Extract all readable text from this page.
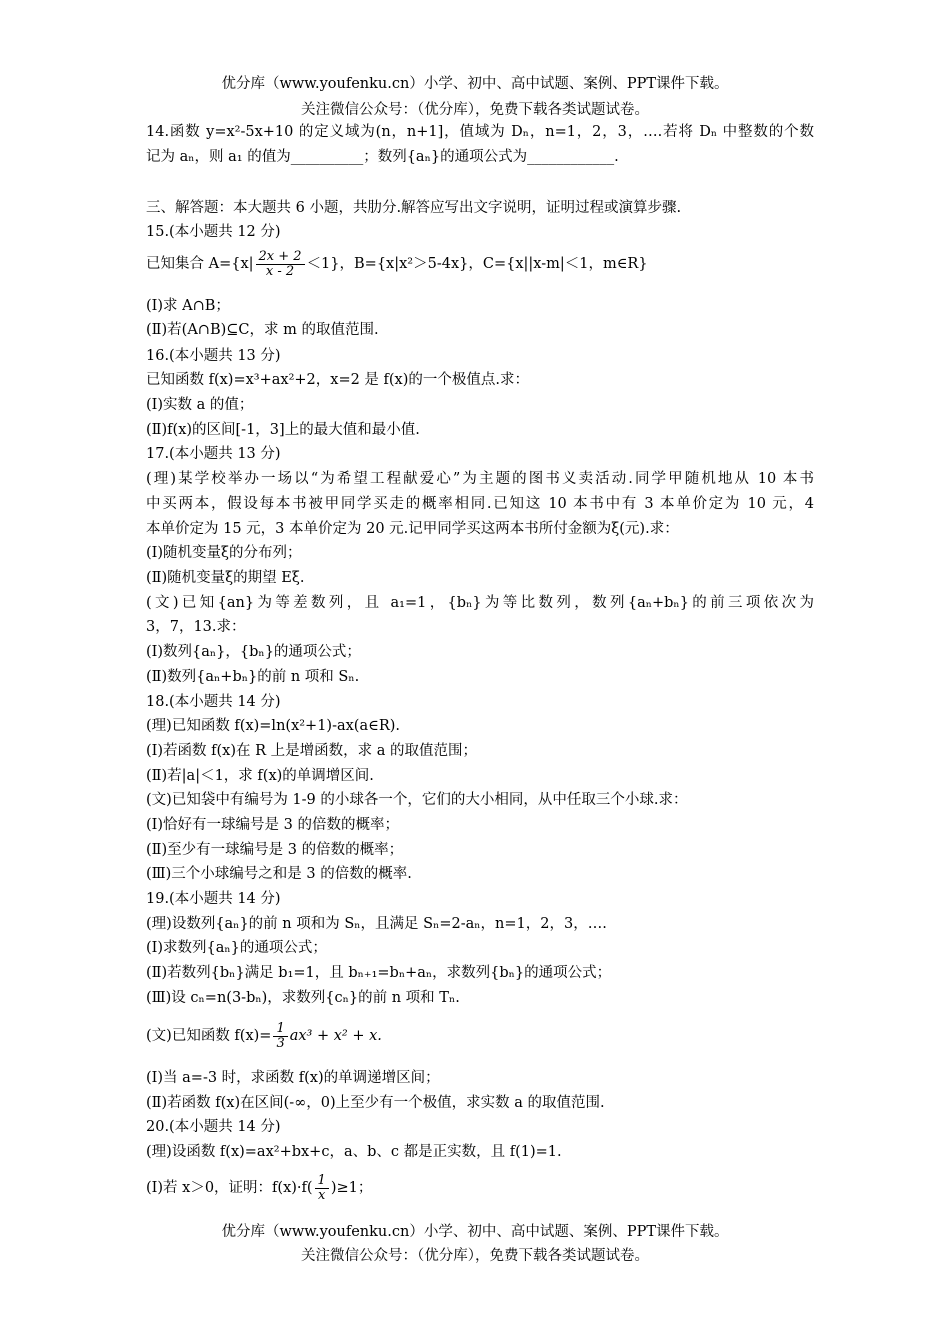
优分库（www.youfenku.cn）小学、初中、高中试题、案例、PPT课件下载。
关注微信公众号：（优分库），免费下载各类试题试卷。
14.函数 y=x²-5x+10 的定义域为(n，n+1]，值域为 Dₙ，n=1，2，3，….若将 Dₙ 中整数的个数
记为 aₙ，则 a₁ 的值为__________；数列{aₙ}的通项公式为____________.
三、解答题：本大题共 6 小题，共肋分.解答应写出文字说明，证明过程或演算步骤.
15.(本小题共 12 分)
已知集合 $A=\{x| \frac{2x + 2}{x - 2} <1\}$，B={x|x²＞5-4x}，C={x||x-m|＜1，m∈R}
(Ⅰ)求 A∩B；
(Ⅱ)若(A∩B)⊆C，求 m 的取值范围.
16.(本小题共 13 分)
已知函数 f(x)=x³+ax²+2，x=2 是 f(x)的一个极值点.求：
(Ⅰ)实数 a 的值；
(Ⅱ)f(x)的区间[-1，3]上的最大值和最小值.
17.(本小题共 13 分)
(理)某学校举办一场以“为希望工程献爱心”为主题的图书义卖活动.同学甲随机地从 10 本书
中买两本，假设每本书被甲同学买走的概率相同.已知这 10 本书中有 3 本单价定为 10 元，4
本单价定为 15 元，3 本单价定为 20 元.记甲同学买这两本书所付金额为ξ(元).求：
(Ⅰ)随机变量ξ的分布列；
(Ⅱ)随机变量ξ的期望 Eξ.
(文)已知{an}为等差数列，且 a₁=1，{bₙ}为等比数列，数列{aₙ+bₙ}的前三项依次为
3，7，13.求：
(Ⅰ)数列{aₙ}，{bₙ}的通项公式；
(Ⅱ)数列{aₙ+bₙ}的前 n 项和 Sₙ.
18.(本小题共 14 分)
(理)已知函数 f(x)=ln(x²+1)-ax(a∈R).
(Ⅰ)若函数 f(x)在 R 上是增函数，求 a 的取值范围；
(Ⅱ)若|a|＜1，求 f(x)的单调增区间.
(文)已知袋中有编号为 1-9 的小球各一个，它们的大小相同，从中任取三个小球.求：
(Ⅰ)恰好有一球编号是 3 的倍数的概率；
(Ⅱ)至少有一球编号是 3 的倍数的概率；
(Ⅲ)三个小球编号之和是 3 的倍数的概率.
19.(本小题共 14 分)
(理)设数列{aₙ}的前 n 项和为 Sₙ，且满足 Sₙ=2-aₙ，n=1，2，3，….
(Ⅰ)求数列{aₙ}的通项公式；
(Ⅱ)若数列{bₙ}满足 b₁=1，且 bₙ₊₁=bₙ+aₙ，求数列{bₙ}的通项公式；
(Ⅲ)设 cₙ=n(3-bₙ)，求数列{cₙ}的前 n 项和 Tₙ.
(文)已知函数 $f(x)= \frac{1}{3} ax^3 + x^2 + x$.
(Ⅰ)当 a=-3 时，求函数 f(x)的单调递增区间；
(Ⅱ)若函数 f(x)在区间(-∞，0)上至少有一个极值，求实数 a 的取值范围.
20.(本小题共 14 分)
(理)设函数 f(x)=ax²+bx+c，a、b、c 都是正实数，且 f(1)=1.
(Ⅰ)若 x＞0，证明：$f(x)\cdot f( \frac{1}{x} )\ge 1$；
优分库（www.youfenku.cn）小学、初中、高中试题、案例、PPT课件下载。
关注微信公众号：（优分库），免费下载各类试题试卷。
